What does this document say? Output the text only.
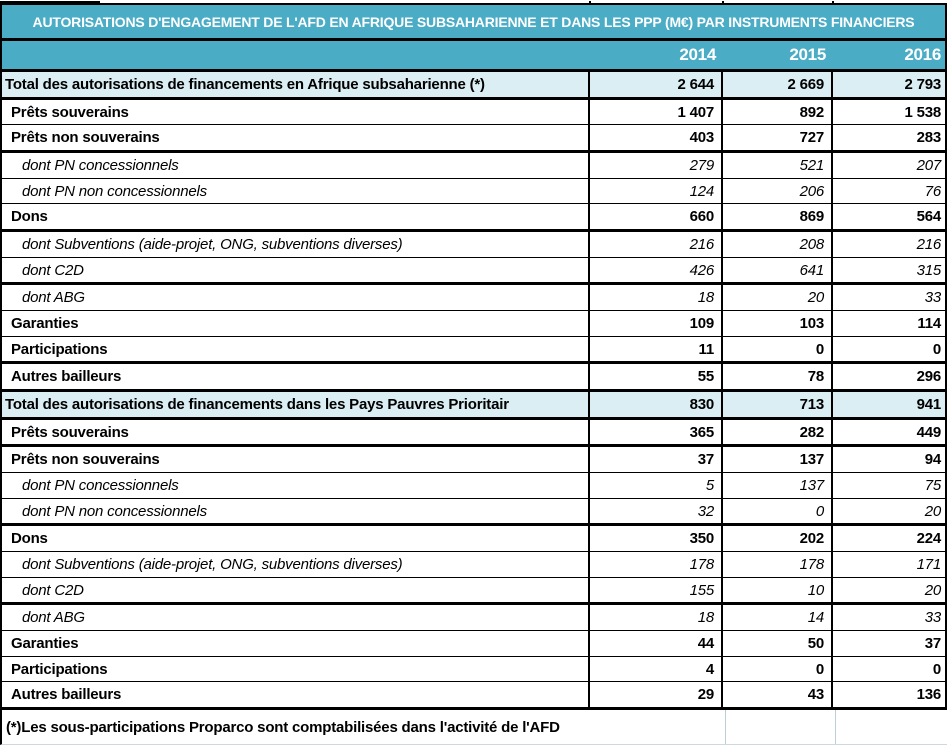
AUTORISATIONS D'ENGAGEMENT DE L'AFD EN AFRIQUE SUBSAHARIENNE ET DANS LES PPP (M€) PAR INSTRUMENTS FINANCIERS
2014	2015	2016
Total des autorisations de financements en Afrique subsaharienne (*)	2 644	2 669	2 793
Prêts souverains	1 407	892	1 538
Prêts non souverains	403	727	283
dont PN concessionnels	279	521	207
dont PN non concessionnels	124	206	76
Dons	660	869	564
dont Subventions (aide-projet, ONG, subventions diverses)	216	208	216
dont C2D	426	641	315
dont ABG	18	20	33
Garanties	109	103	114
Participations	11	0	0
Autres bailleurs	55	78	296
Total des autorisations de financements dans les Pays Pauvres Prioritair	830	713	941
Prêts souverains	365	282	449
Prêts non souverains	37	137	94
dont PN concessionnels	5	137	75
dont PN non concessionnels	32	0	20
Dons	350	202	224
dont Subventions (aide-projet, ONG, subventions diverses)	178	178	171
dont C2D	155	10	20
dont ABG	18	14	33
Garanties	44	50	37
Participations	4	0	0
Autres bailleurs	29	43	136
(*)Les sous-participations Proparco sont comptabilisées dans l'activité de l'AFD
